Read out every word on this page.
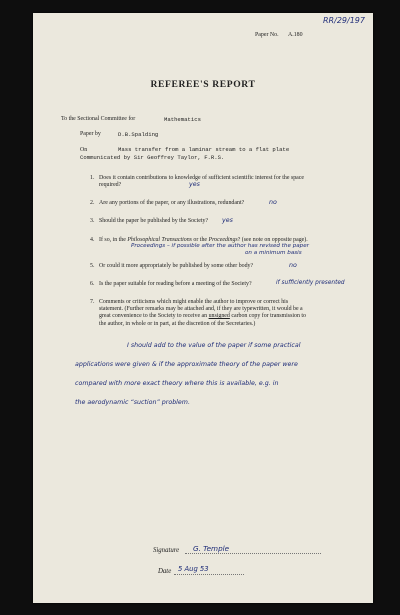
RR/29/197
Paper No. A.180
REFEREE'S REPORT
To the Sectional Committee for	Mathematics
Paper by	D.B.Spalding
On	Mass transfer from a laminar stream to a flat plate
Communicated by Sir Geoffrey Taylor, F.R.S.
1. Does it contain contributions to knowledge of sufficient scientific interest for the space required?	yes
2. Are any portions of the paper, or any illustrations, redundant?	no
3. Should the paper be published by the Society? yes
4. If so, in the Philosophical Transactions or the Proceedings? (see note on opposite page).
Proceedings – if possible after the author has revised the paper
on a minimum basis
5. Or could it more appropriately be published by some other body?	no
6. Is the paper suitable for reading before a meeting of the Society?	if sufficiently presented
7. Comments or criticisms which might enable the author to improve or correct his statement. (Further remarks may be attached and, if they are typewritten, it would be a great convenience to the Society to receive an unsigned carbon copy for transmission to the author, in whole or in part, at the discretion of the Secretaries.)
I should add to the value of the paper if some practical
applications were given & if the approximate theory of the paper were
compared with more exact theory where this is available, e.g. in
the aerodynamic “suction” problem.
Signature G. Temple
Date 5 Aug 53
